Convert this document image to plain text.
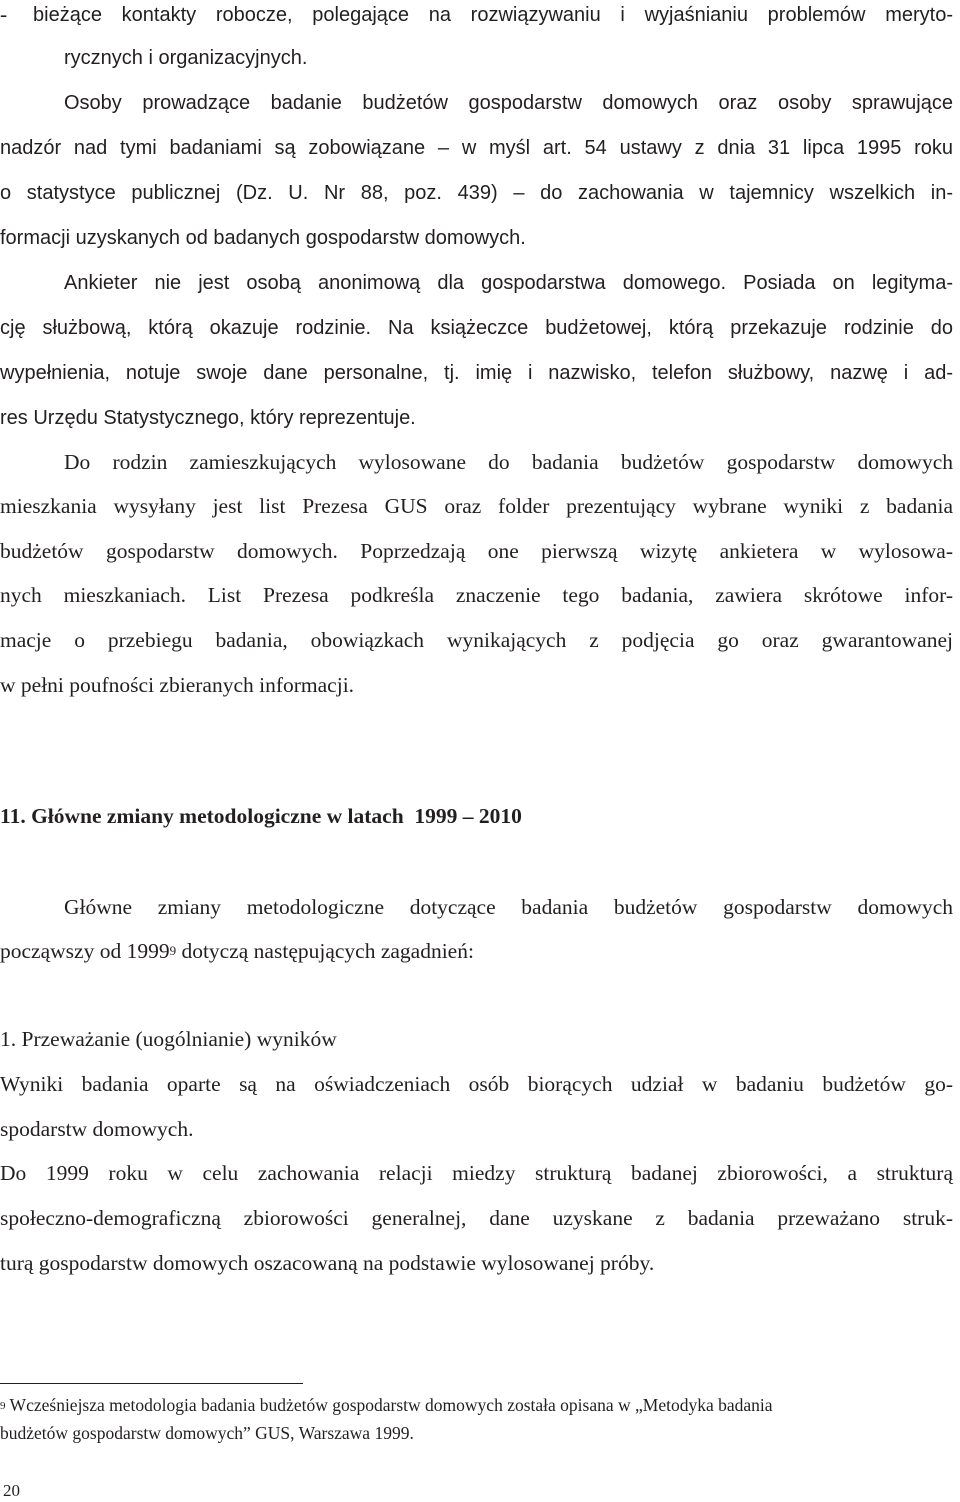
- bieżące kontakty robocze, polegające na rozwiązywaniu i wyjaśnianiu problemów meryto-
rycznych i organizacyjnych.
Osoby prowadzące badanie budżetów gospodarstw domowych oraz osoby sprawujące
nadzór nad tymi badaniami są zobowiązane – w myśl art. 54 ustawy z dnia 31 lipca 1995 roku
o statystyce publicznej (Dz. U. Nr 88, poz. 439) – do zachowania w tajemnicy wszelkich in-
formacji uzyskanych od badanych gospodarstw domowych.
Ankieter nie jest osobą anonimową dla gospodarstwa domowego. Posiada on legityma-
cję służbową, którą okazuje rodzinie. Na książeczce budżetowej, którą przekazuje rodzinie do
wypełnienia, notuje swoje dane personalne, tj. imię i nazwisko, telefon służbowy, nazwę i ad-
res Urzędu Statystycznego, który reprezentuje.
Do rodzin zamieszkujących wylosowane do badania budżetów gospodarstw domowych
mieszkania wysyłany jest list Prezesa GUS oraz folder prezentujący wybrane wyniki z badania
budżetów gospodarstw domowych. Poprzedzają one pierwszą wizytę ankietera w wylosowa-
nych mieszkaniach. List Prezesa podkreśla znaczenie tego badania, zawiera skrótowe infor-
macje o przebiegu badania, obowiązkach wynikających z podjęcia go oraz gwarantowanej
w pełni poufności zbieranych informacji.
11. Główne zmiany metodologiczne w latach  1999 – 2010
Główne zmiany metodologiczne dotyczące badania budżetów gospodarstw domowych
począwszy od 1999$^9$ dotyczą następujących zagadnień:
1. Przeważanie (uogólnianie) wyników
Wyniki badania oparte są na oświadczeniach osób biorących udział w badaniu budżetów go-
spodarstw domowych.
Do 1999 roku w celu zachowania relacji miedzy strukturą badanej zbiorowości, a strukturą
społeczno-demograficzną zbiorowości generalnej, dane uzyskane z badania przeważano struk-
turą gospodarstw domowych oszacowaną na podstawie wylosowanej próby.
$^9$ Wcześniejsza metodologia badania budżetów gospodarstw domowych została opisana w „Metodyka badania
budżetów gospodarstw domowych” GUS, Warszawa 1999.
20
